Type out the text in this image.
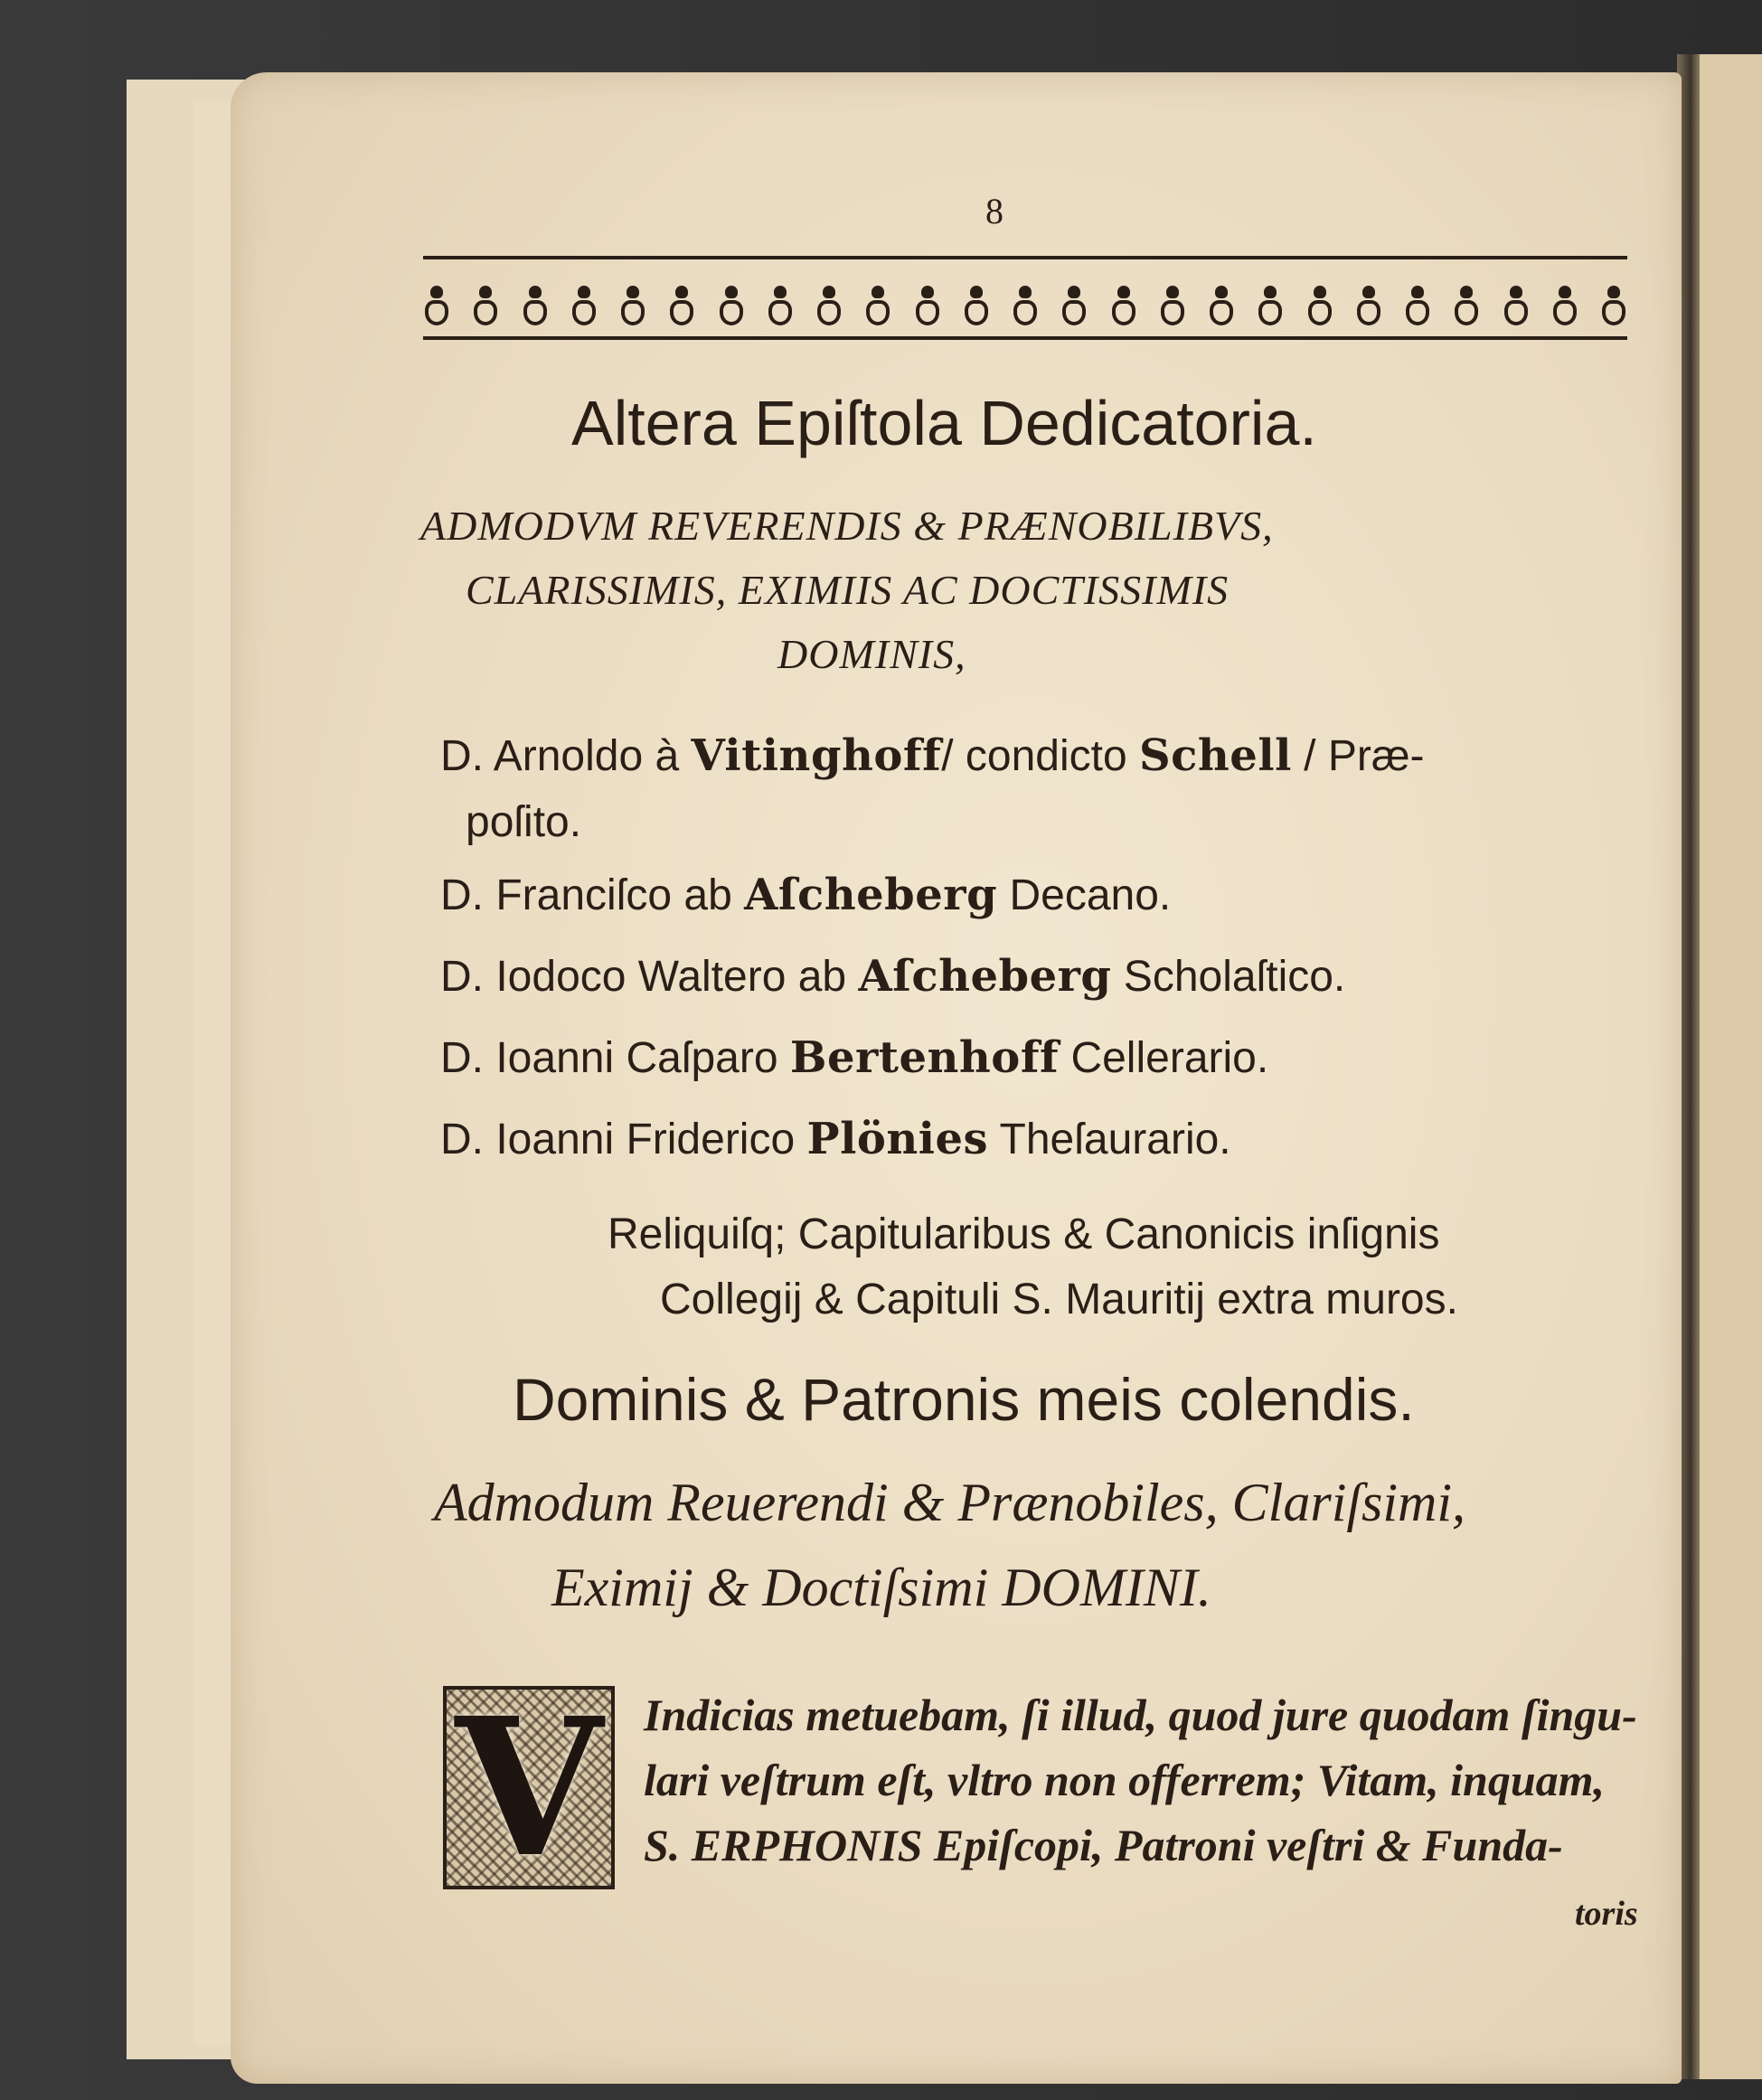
8
Altera Epiſtola Dedicatoria.
ADMODVM REVERENDIS & PRÆNOBILIBVS,
CLARISSIMIS, EXIMIIS AC DOCTISSIMIS
DOMINIS,
D. Arnoldo à Vitinghoff/ condicto Schell / Præ-
poſito.
D. Franciſco ab Aſcheberg Decano.
D. Iodoco Waltero ab Aſcheberg Scholaſtico.
D. Ioanni Caſparo Bertenhoff Cellerario.
D. Ioanni Friderico Plönies Theſaurario.
Reliquiſq; Capitularibus & Canonicis inſignis
Collegij & Capituli S. Mauritij extra muros.
Dominis & Patronis meis colendis.
Admodum Reuerendi & Prænobiles, Clariſsimi,
Eximij & Doctiſsimi DOMINI.
V Indicias metuebam, ſi illud, quod jure quodam ſingu-
lari veſtrum eſt, vltro non offerrem; Vitam, inquam,
S. ERPHONIS Epiſcopi, Patroni veſtri & Funda-
toris
